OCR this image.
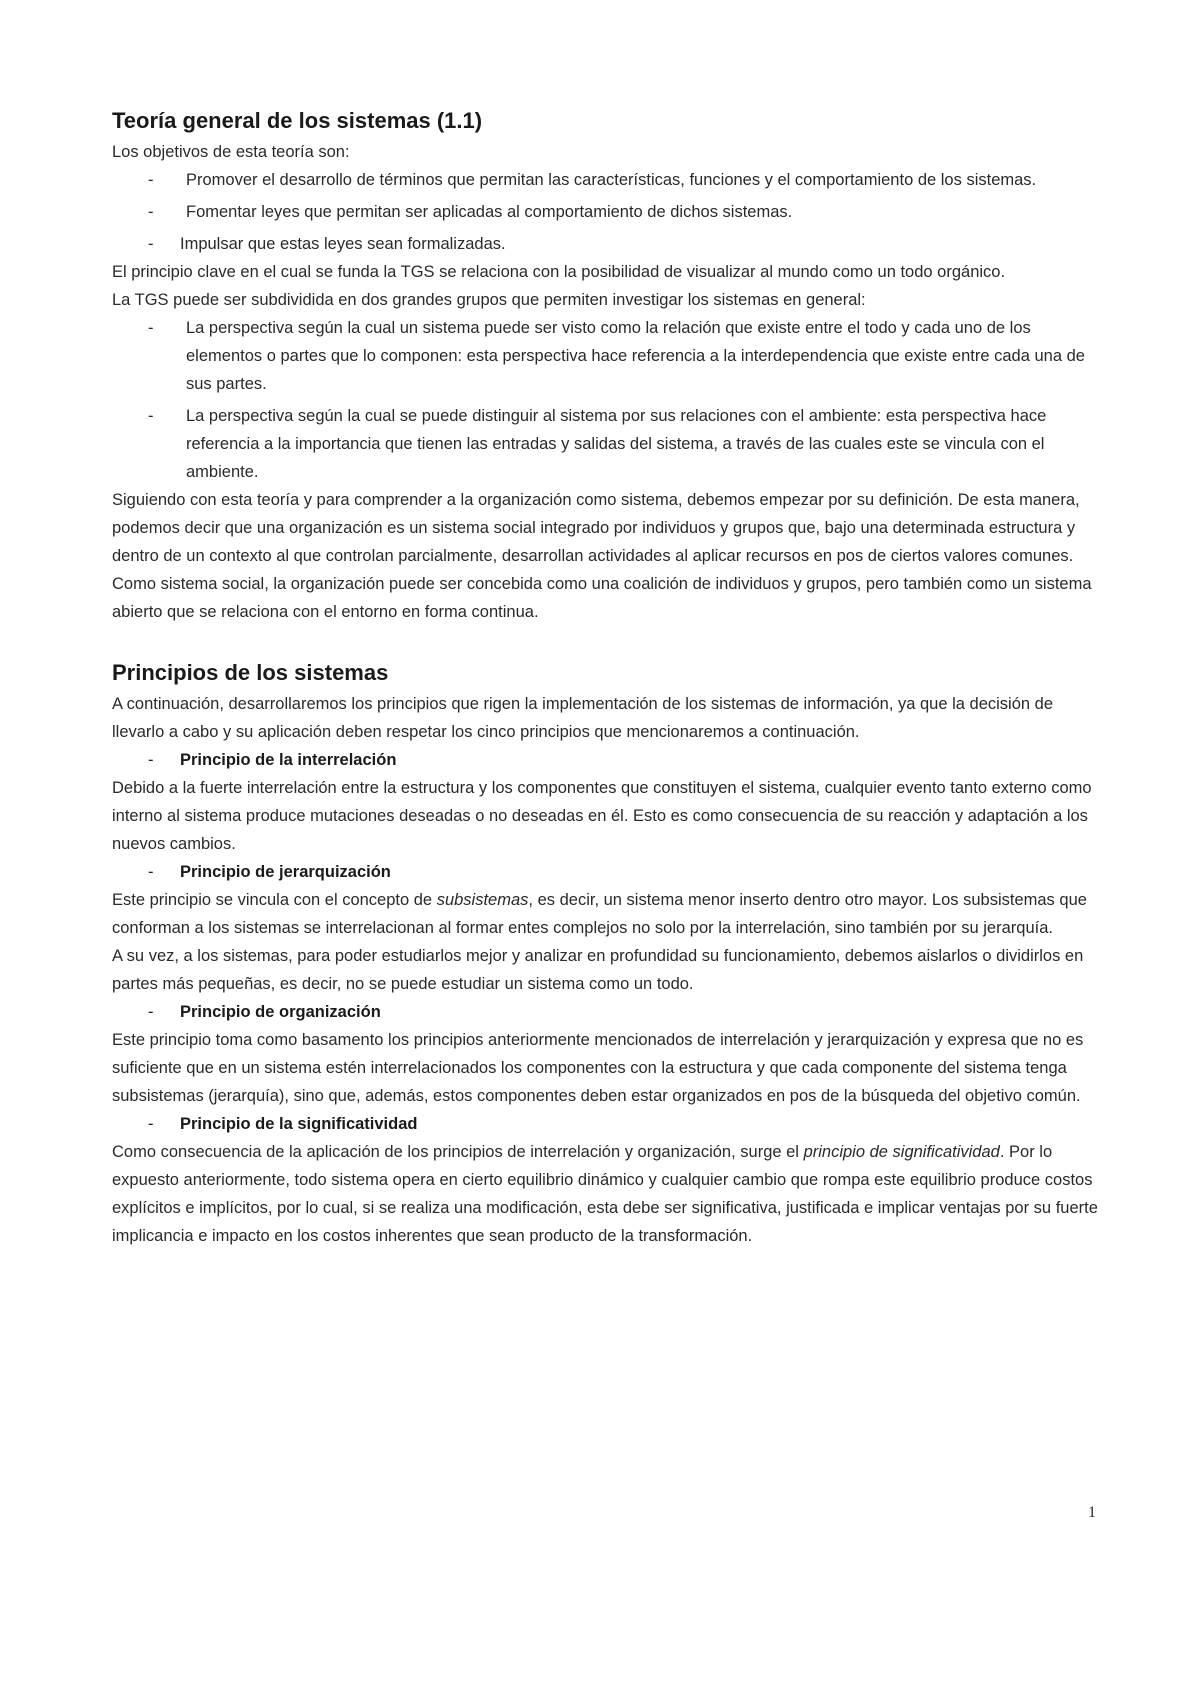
Teoría general de los sistemas (1.1)

Los objetivos de esta teoría son:

-	Promover el desarrollo de términos que permitan las características, funciones y el comportamiento de los sistemas.
-	Fomentar leyes que permitan ser aplicadas al comportamiento de dichos sistemas.
- Impulsar que estas leyes sean formalizadas.

El principio clave en el cual se funda la TGS se relaciona con la posibilidad de visualizar al mundo como un todo orgánico.

La TGS puede ser subdividida en dos grandes grupos que permiten investigar los sistemas en general:

-	La perspectiva según la cual un sistema puede ser visto como la relación que existe entre el todo y cada uno de los elementos o partes que lo componen: esta perspectiva hace referencia a la interdependencia que existe entre cada una de sus partes.
-	La perspectiva según la cual se puede distinguir al sistema por sus relaciones con el ambiente: esta perspectiva hace referencia a la importancia que tienen las entradas y salidas del sistema, a través de las cuales este se vincula con el ambiente.

Siguiendo con esta teoría y para comprender a la organización como sistema, debemos empezar por su definición. De esta manera, podemos decir que una organización es un sistema social integrado por individuos y grupos que, bajo una determinada estructura y dentro de un contexto al que controlan parcialmente, desarrollan actividades al aplicar recursos en pos de ciertos valores comunes.

Como sistema social, la organización puede ser concebida como una coalición de individuos y grupos, pero también como un sistema abierto que se relaciona con el entorno en forma continua.

Principios de los sistemas

A continuación, desarrollaremos los principios que rigen la implementación de los sistemas de información, ya que la decisión de llevarlo a cabo y su aplicación deben respetar los cinco principios que mencionaremos a continuación.

- Principio de la interrelación

Debido a la fuerte interrelación entre la estructura y los componentes que constituyen el sistema, cualquier evento tanto externo como interno al sistema produce mutaciones deseadas o no deseadas en él. Esto es como consecuencia de su reacción y adaptación a los nuevos cambios.

- Principio de jerarquización

Este principio se vincula con el concepto de subsistemas, es decir, un sistema menor inserto dentro otro mayor. Los subsistemas que conforman a los sistemas se interrelacionan al formar entes complejos no solo por la interrelación, sino también por su jerarquía.

A su vez, a los sistemas, para poder estudiarlos mejor y analizar en profundidad su funcionamiento, debemos aislarlos o dividirlos en partes más pequeñas, es decir, no se puede estudiar un sistema como un todo.

- Principio de organización

Este principio toma como basamento los principios anteriormente mencionados de interrelación y jerarquización y expresa que no es suficiente que en un sistema estén interrelacionados los componentes con la estructura y que cada componente del sistema tenga subsistemas (jerarquía), sino que, además, estos componentes deben estar organizados en pos de la búsqueda del objetivo común.

- Principio de la significatividad

Como consecuencia de la aplicación de los principios de interrelación y organización, surge el principio de significatividad. Por lo expuesto anteriormente, todo sistema opera en cierto equilibrio dinámico y cualquier cambio que rompa este equilibrio produce costos explícitos e implícitos, por lo cual, si se realiza una modificación, esta debe ser significativa, justificada e implicar ventajas por su fuerte implicancia e impacto en los costos inherentes que sean producto de la transformación.

1
